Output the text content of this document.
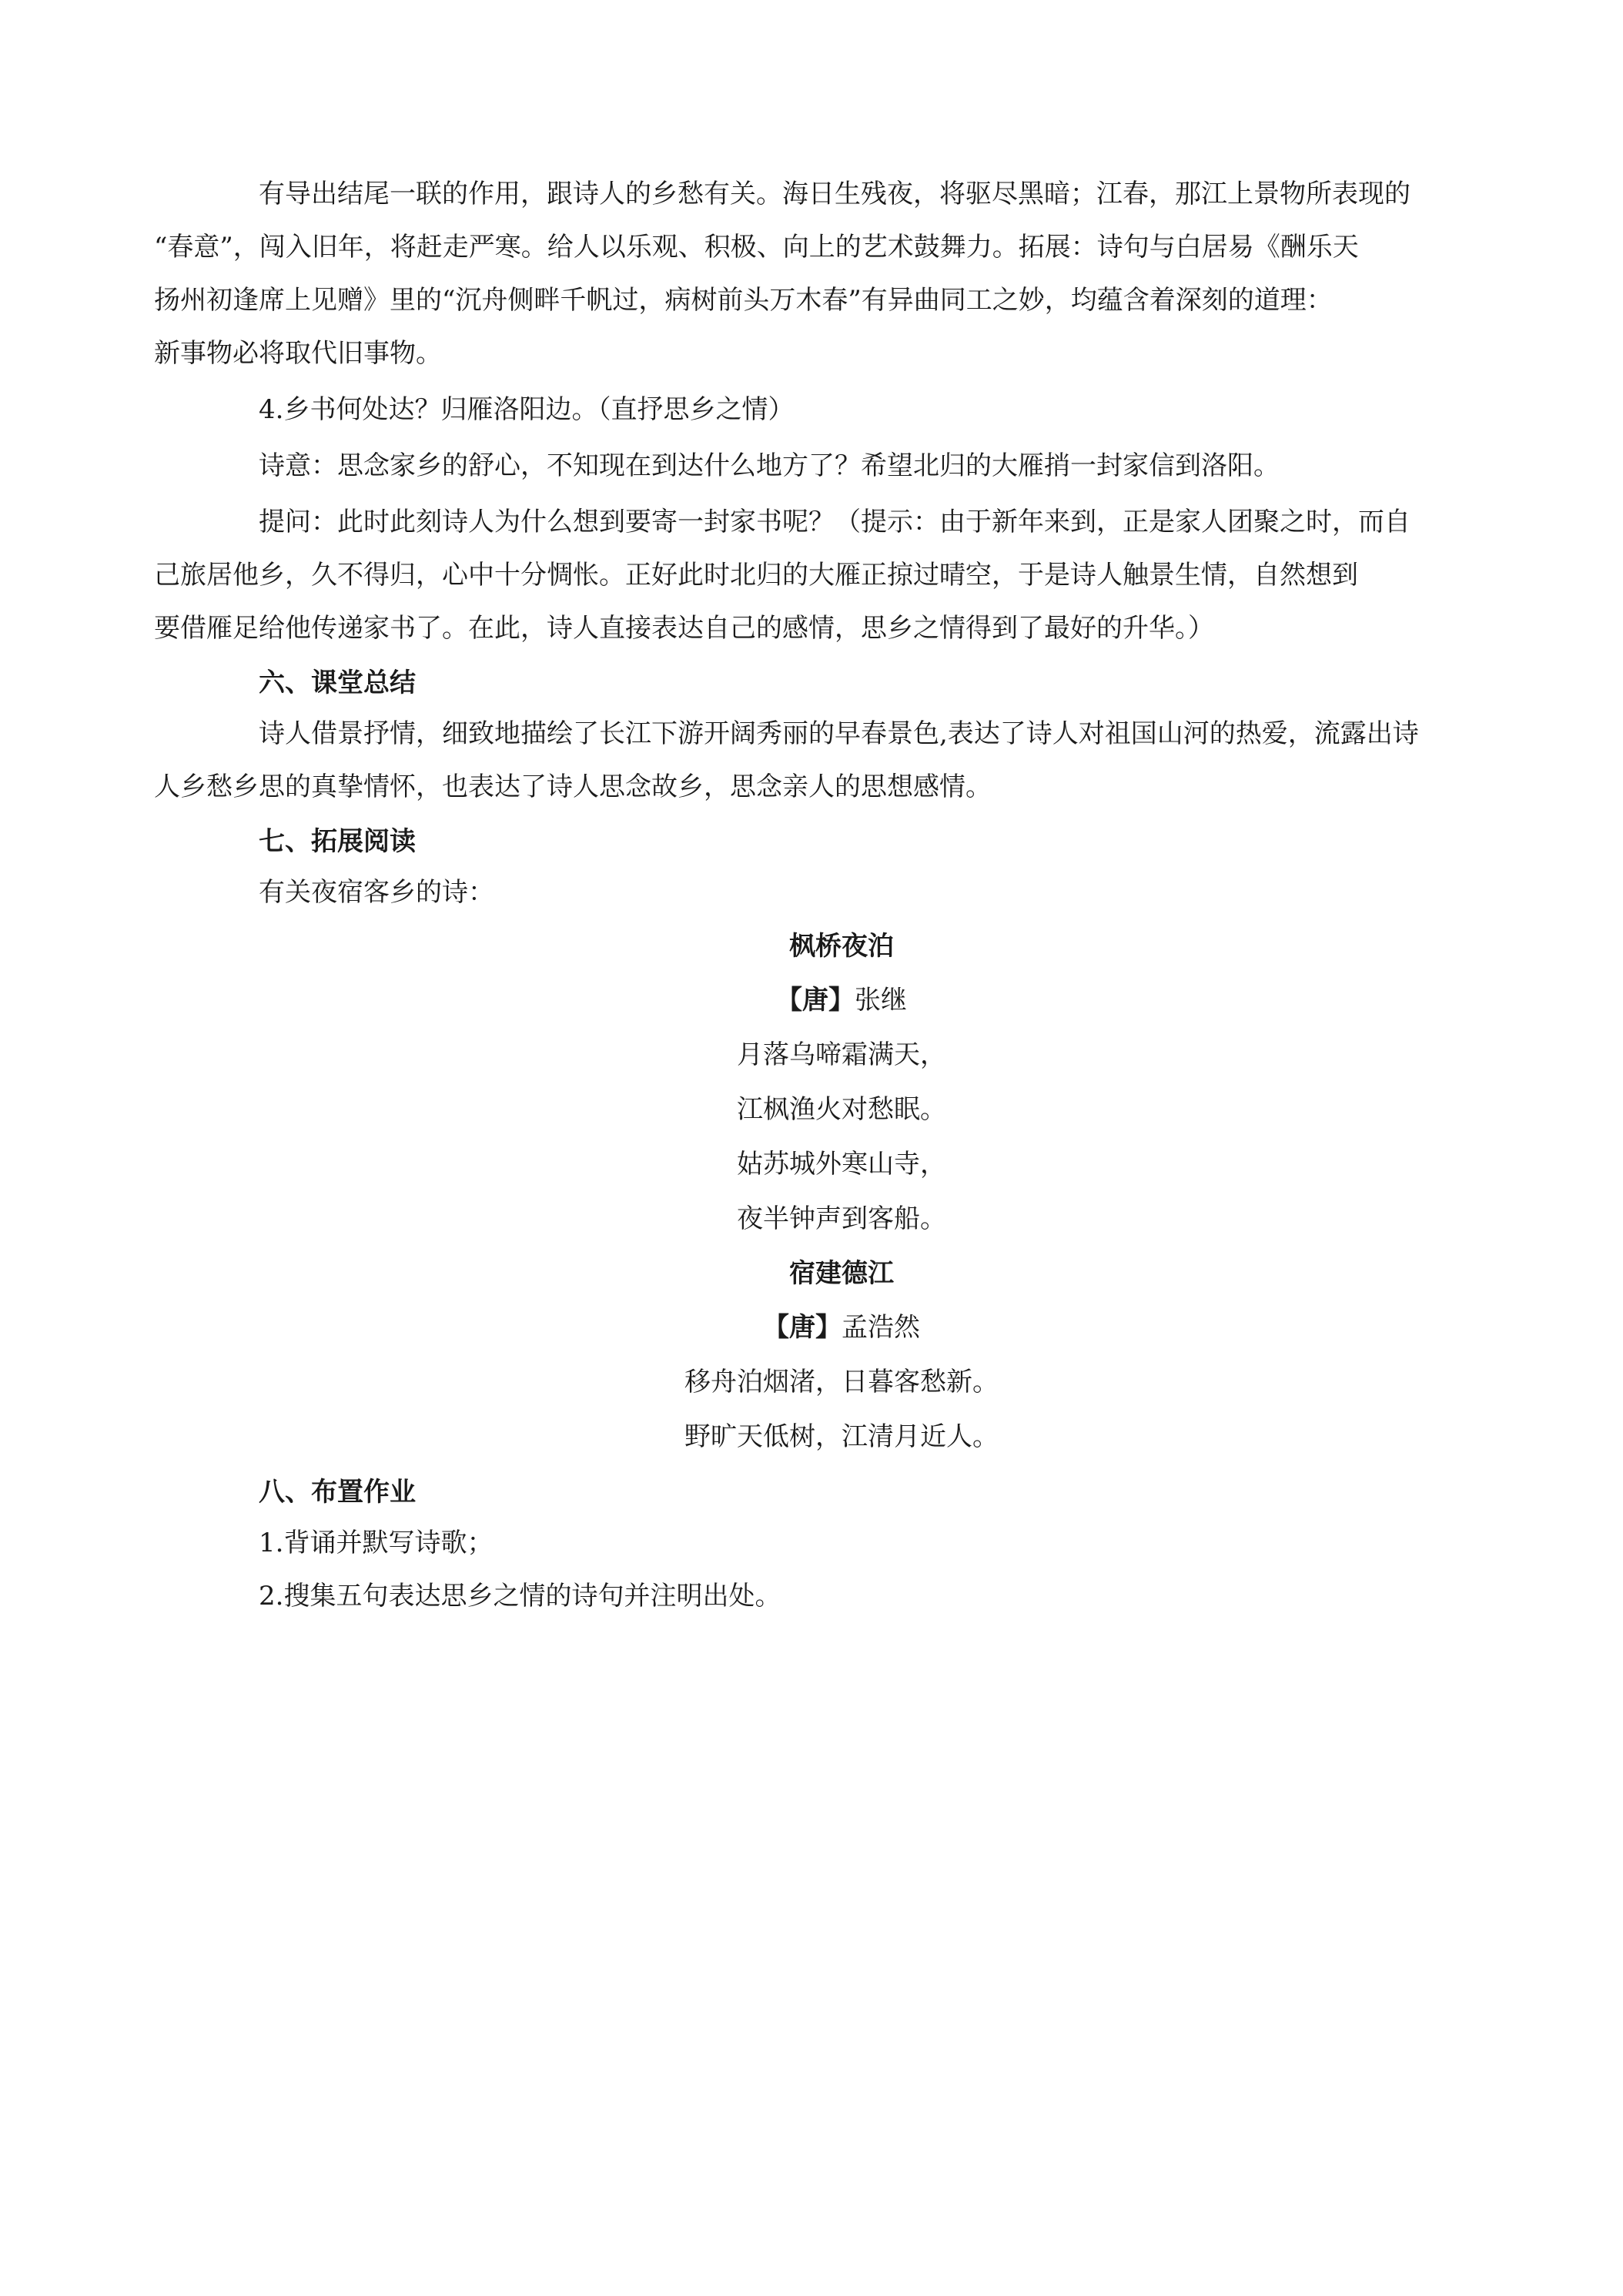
有导出结尾一联的作用，跟诗人的乡愁有关。海日生残夜，将驱尽黑暗；江春，那江上景物所表现的
“春意”，闯入旧年，将赶走严寒。给人以乐观、积极、向上的艺术鼓舞力。拓展：诗句与白居易《酬乐天
扬州初逢席上见赠》里的“沉舟侧畔千帆过，病树前头万木春”有异曲同工之妙，均蕴含着深刻的道理：
新事物必将取代旧事物。

4.乡书何处达？归雁洛阳边。（直抒思乡之情）

诗意：思念家乡的舒心，不知现在到达什么地方了？希望北归的大雁捎一封家信到洛阳。

提问：此时此刻诗人为什么想到要寄一封家书呢？（提示：由于新年来到，正是家人团聚之时，而自
己旅居他乡，久不得归，心中十分惆怅。正好此时北归的大雁正掠过晴空，于是诗人触景生情，自然想到
要借雁足给他传递家书了。在此，诗人直接表达自己的感情，思乡之情得到了最好的升华。）

六、课堂总结

诗人借景抒情，细致地描绘了长江下游开阔秀丽的早春景色,表达了诗人对祖国山河的热爱，流露出诗
人乡愁乡思的真挚情怀，也表达了诗人思念故乡，思念亲人的思想感情。

七、拓展阅读

有关夜宿客乡的诗：

枫桥夜泊

【唐】张继

月落乌啼霜满天，

江枫渔火对愁眠。

姑苏城外寒山寺，

夜半钟声到客船。

宿建德江

【唐】孟浩然

移舟泊烟渚，日暮客愁新。

野旷天低树，江清月近人。

八、布置作业

1.背诵并默写诗歌；

2.搜集五句表达思乡之情的诗句并注明出处。
